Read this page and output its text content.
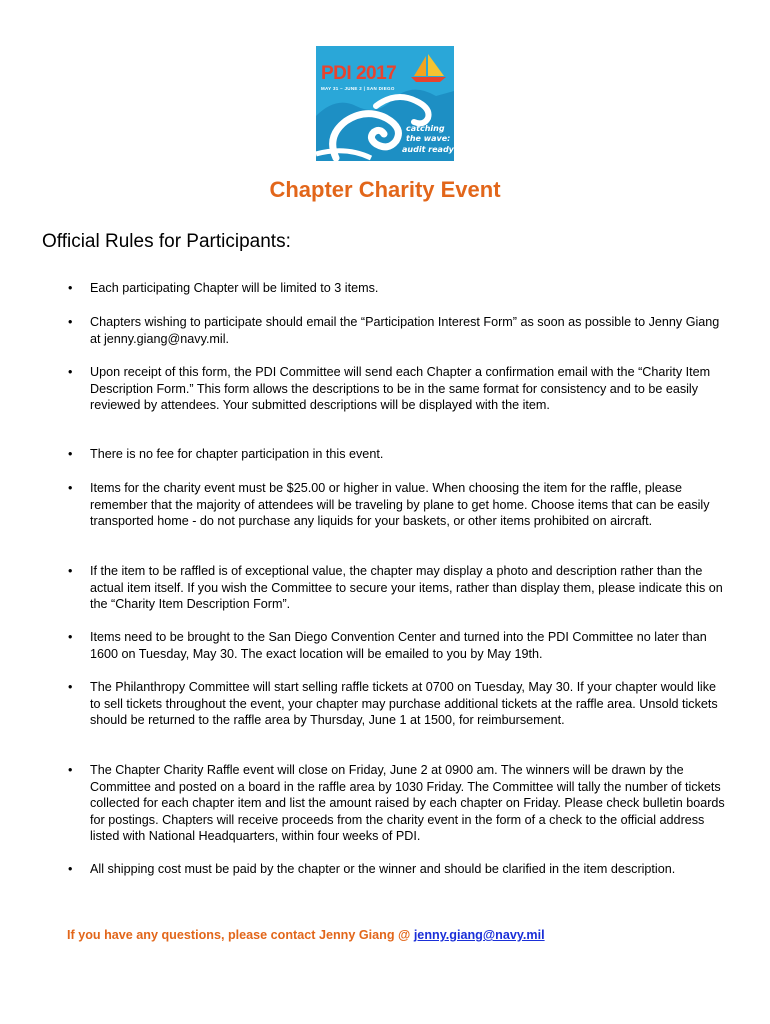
PDI 2017
MAY 31 – JUNE 2 | SAN DIEGO
catching
the wave:
audit ready
Chapter Charity Event
Official Rules for Participants:
• Each participating Chapter will be limited to 3 items.
• Chapters wishing to participate should email the “Participation Interest Form” as soon as possible to Jenny Giang at jenny.giang@navy.mil.
• Upon receipt of this form, the PDI Committee will send each Chapter a confirmation email with the “Charity Item Description Form.” This form allows the descriptions to be in the same format for consistency and to be easily reviewed by attendees. Your submitted descriptions will be displayed with the item.
• There is no fee for chapter participation in this event.
• Items for the charity event must be $25.00 or higher in value. When choosing the item for the raffle, please remember that the majority of attendees will be traveling by plane to get home. Choose items that can be easily transported home - do not purchase any liquids for your baskets, or other items prohibited on aircraft.
• If the item to be raffled is of exceptional value, the chapter may display a photo and description rather than the actual item itself. If you wish the Committee to secure your items, rather than display them, please indicate this on the “Charity Item Description Form”.
• Items need to be brought to the San Diego Convention Center and turned into the PDI Committee no later than 1600 on Tuesday, May 30. The exact location will be emailed to you by May 19th.
• The Philanthropy Committee will start selling raffle tickets at 0700 on Tuesday, May 30. If your chapter would like to sell tickets throughout the event, your chapter may purchase additional tickets at the raffle area. Unsold tickets should be returned to the raffle area by Thursday, June 1 at 1500, for reimbursement.
• The Chapter Charity Raffle event will close on Friday, June 2 at 0900 am. The winners will be drawn by the Committee and posted on a board in the raffle area by 1030 Friday. The Committee will tally the number of tickets collected for each chapter item and list the amount raised by each chapter on Friday. Please check bulletin boards for postings. Chapters will receive proceeds from the charity event in the form of a check to the official address listed with National Headquarters, within four weeks of PDI.
• All shipping cost must be paid by the chapter or the winner and should be clarified in the item description.
If you have any questions, please contact Jenny Giang @ jenny.giang@navy.mil
